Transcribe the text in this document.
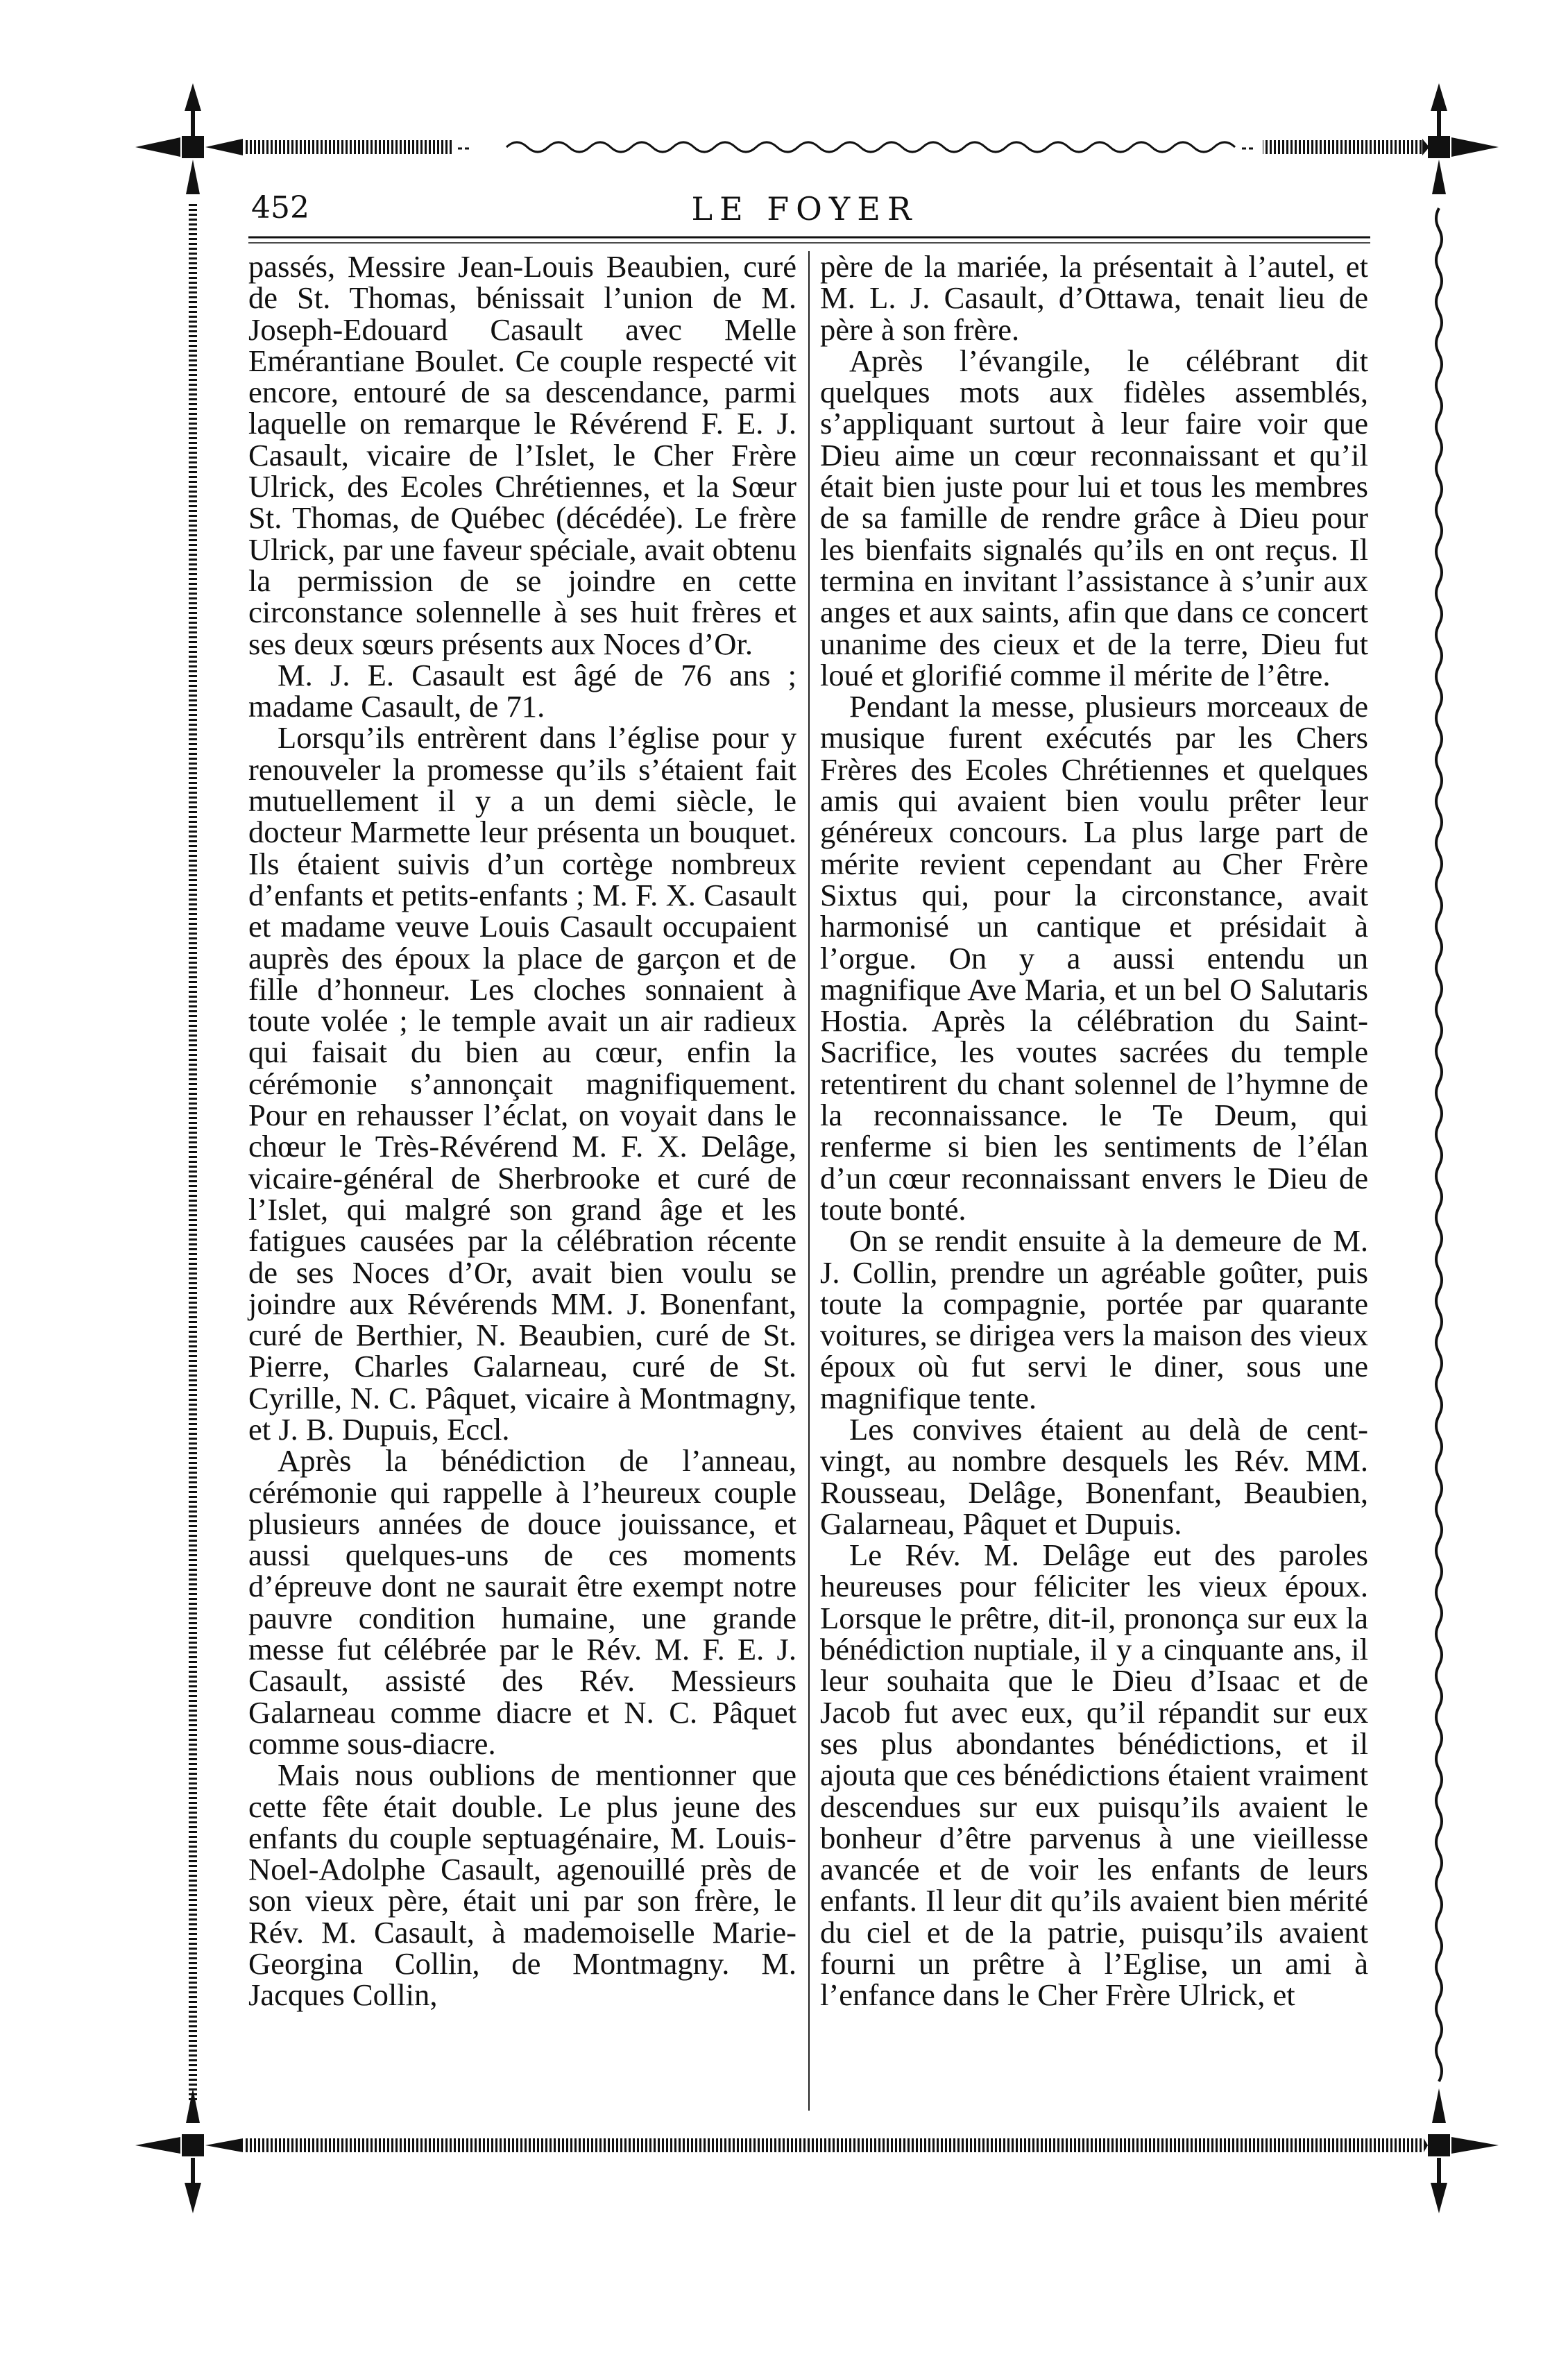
452	LE FOYER

passés, Messire Jean-Louis Beaubien, curé de St. Thomas, bénissait l’union de M. Joseph-Edouard Casault avec Melle Emérantiane Boulet. Ce couple respecté vit encore, entouré de sa descendance, parmi laquelle on remarque le Révérend F. E. J. Casault, vicaire de l’Islet, le Cher Frère Ulrick, des Ecoles Chrétiennes, et la Sœur St. Thomas, de Québec (décédée). Le frère Ulrick, par une faveur spéciale, avait obtenu la permission de se joindre en cette circonstance solennelle à ses huit frères et ses deux sœurs présents aux Noces d’Or.

M. J. E. Casault est âgé de 76 ans ; madame Casault, de 71.

Lorsqu’ils entrèrent dans l’église pour y renouveler la promesse qu’ils s’étaient fait mutuellement il y a un demi siècle, le docteur Marmette leur présenta un bouquet. Ils étaient suivis d’un cortège nombreux d’enfants et petits-enfants ; M. F. X. Casault et madame veuve Louis Casault occupaient auprès des époux la place de garçon et de fille d’honneur. Les cloches sonnaient à toute volée ; le temple avait un air radieux qui faisait du bien au cœur, enfin la cérémonie s’annonçait magnifiquement. Pour en rehausser l’éclat, on voyait dans le chœur le Très-Révérend M. F. X. Delâge, vicaire-général de Sherbrooke et curé de l’Islet, qui malgré son grand âge et les fatigues causées par la célébration récente de ses Noces d’Or, avait bien voulu se joindre aux Révérends MM. J. Bonenfant, curé de Berthier, N. Beaubien, curé de St. Pierre, Charles Galarneau, curé de St. Cyrille, N. C. Pâquet, vicaire à Montmagny, et J. B. Dupuis, Eccl.

Après la bénédiction de l’anneau, cérémonie qui rappelle à l’heureux couple plusieurs années de douce jouissance, et aussi quelques-uns de ces moments d’épreuve dont ne saurait être exempt notre pauvre condition humaine, une grande messe fut célébrée par le Rév. M. F. E. J. Casault, assisté des Rév. Messieurs Galarneau comme diacre et N. C. Pâquet comme sous-diacre.

Mais nous oublions de mentionner que cette fête était double. Le plus jeune des enfants du couple septuagénaire, M. Louis-Noel-Adolphe Casault, agenouillé près de son vieux père, était uni par son frère, le Rév. M. Casault, à mademoiselle Marie-Georgina Collin, de Montmagny. M. Jacques Collin,

père de la mariée, la présentait à l’autel, et M. L. J. Casault, d’Ottawa, tenait lieu de père à son frère.

Après l’évangile, le célébrant dit quelques mots aux fidèles assemblés, s’appliquant surtout à leur faire voir que Dieu aime un cœur reconnaissant et qu’il était bien juste pour lui et tous les membres de sa famille de rendre grâce à Dieu pour les bienfaits signalés qu’ils en ont reçus. Il termina en invitant l’assistance à s’unir aux anges et aux saints, afin que dans ce concert unanime des cieux et de la terre, Dieu fut loué et glorifié comme il mérite de l’être.

Pendant la messe, plusieurs morceaux de musique furent exécutés par les Chers Frères des Ecoles Chrétiennes et quelques amis qui avaient bien voulu prêter leur généreux concours. La plus large part de mérite revient cependant au Cher Frère Sixtus qui, pour la circonstance, avait harmonisé un cantique et présidait à l’orgue. On y a aussi entendu un magnifique Ave Maria, et un bel O Salutaris Hostia. Après la célébration du Saint-Sacrifice, les voutes sacrées du temple retentirent du chant solennel de l’hymne de la reconnaissance. le Te Deum, qui renferme si bien les sentiments de l’élan d’un cœur reconnaissant envers le Dieu de toute bonté.

On se rendit ensuite à la demeure de M. J. Collin, prendre un agréable goûter, puis toute la compagnie, portée par quarante voitures, se dirigea vers la maison des vieux époux où fut servi le diner, sous une magnifique tente.

Les convives étaient au delà de cent-vingt, au nombre desquels les Rév. MM. Rousseau, Delâge, Bonenfant, Beaubien, Galarneau, Pâquet et Dupuis.

Le Rév. M. Delâge eut des paroles heureuses pour féliciter les vieux époux. Lorsque le prêtre, dit-il, prononça sur eux la bénédiction nuptiale, il y a cinquante ans, il leur souhaita que le Dieu d’Isaac et de Jacob fut avec eux, qu’il répandit sur eux ses plus abondantes bénédictions, et il ajouta que ces bénédictions étaient vraiment descendues sur eux puisqu’ils avaient le bonheur d’être parvenus à une vieillesse avancée et de voir les enfants de leurs enfants. Il leur dit qu’ils avaient bien mérité du ciel et de la patrie, puisqu’ils avaient fourni un prêtre à l’Eglise, un ami à l’enfance dans le Cher Frère Ulrick, et
